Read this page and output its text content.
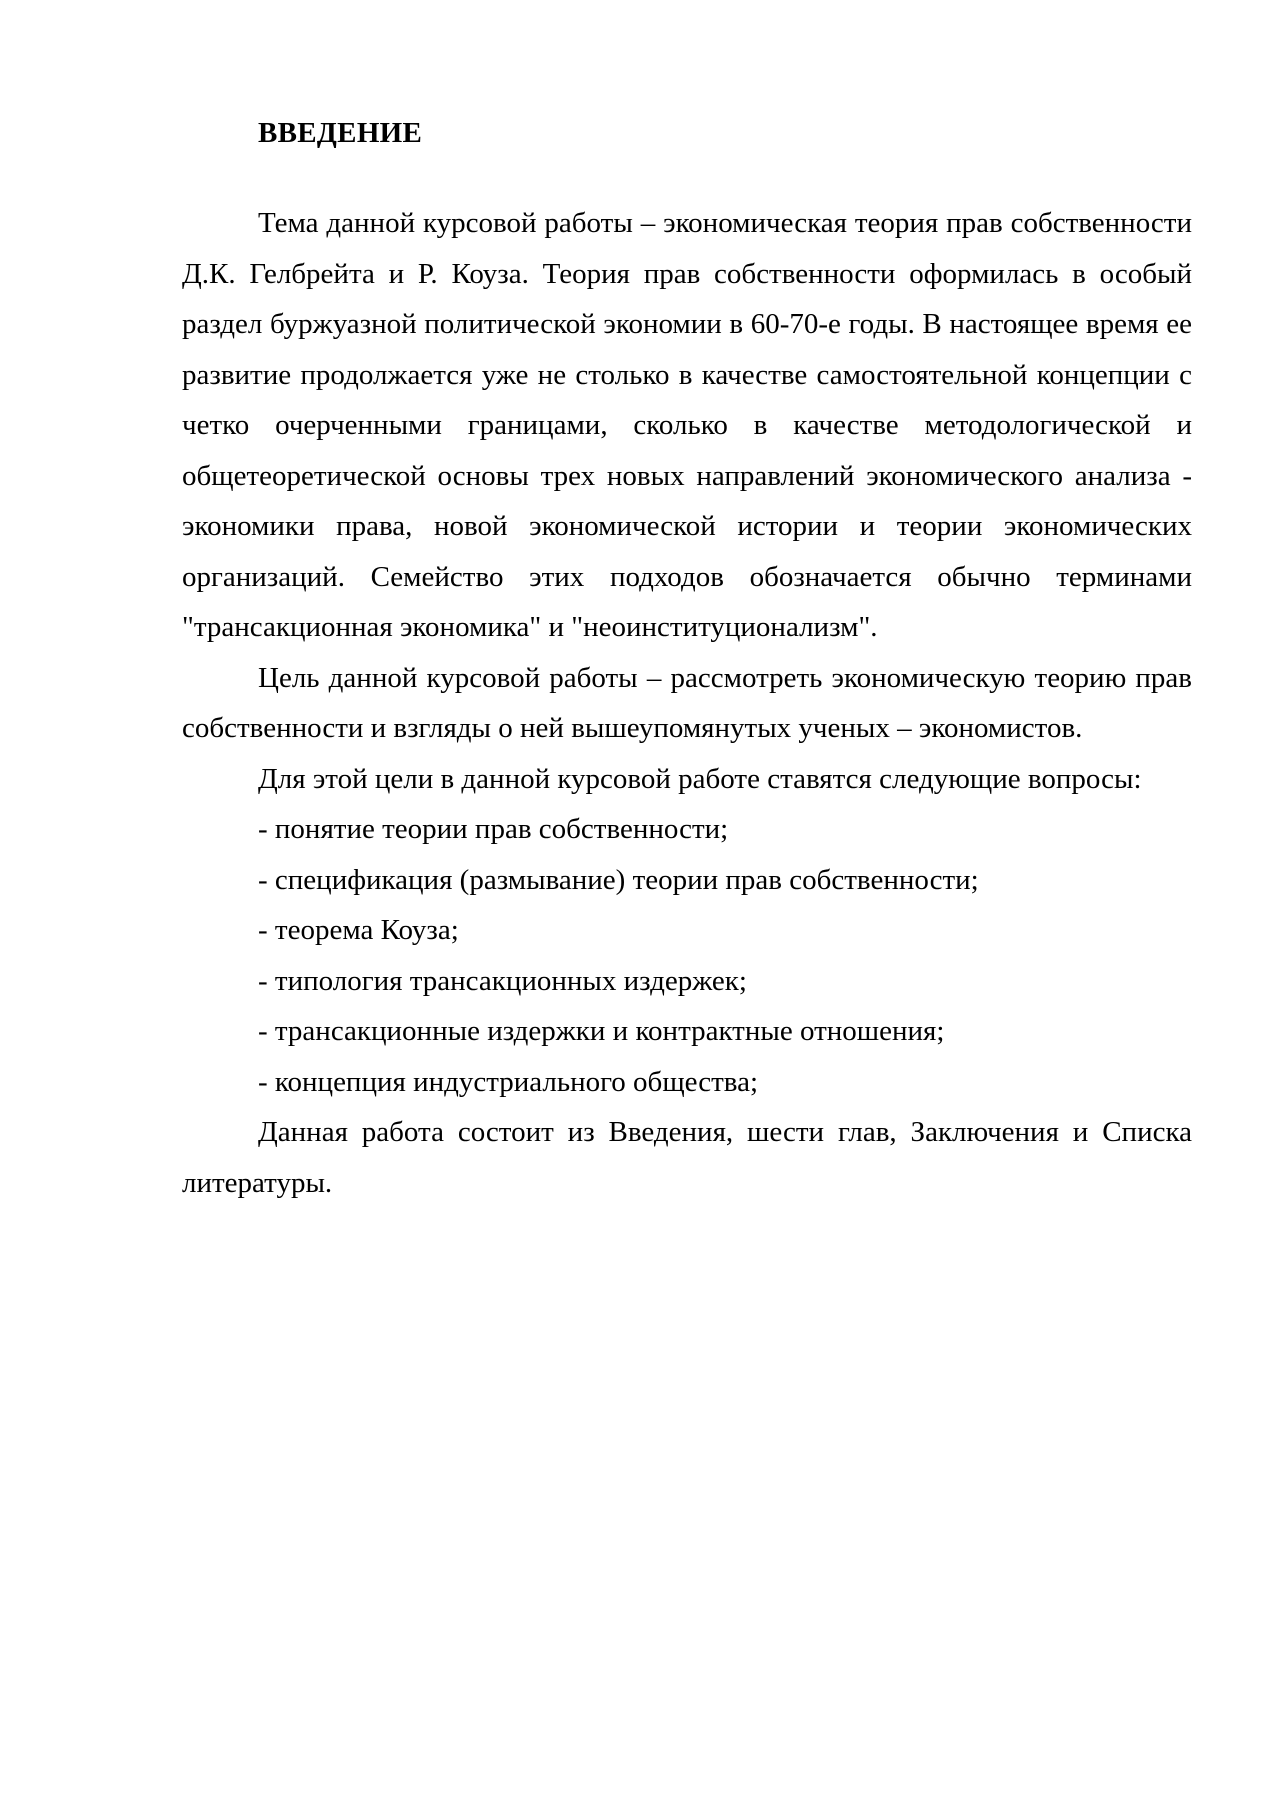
ВВЕДЕНИЕ

Тема данной курсовой работы – экономическая теория прав собственности Д.К. Гелбрейта и Р. Коуза. Теория прав собственности оформилась в особый раздел буржуазной политической экономии в 60-70-е годы. В настоящее время ее развитие продолжается уже не столько в качестве самостоятельной концепции с четко очерченными границами, сколько в качестве методологической и общетеоретической основы трех новых направлений экономического анализа - экономики права, новой экономической истории и теории экономических организаций. Семейство этих подходов обозначается обычно терминами "трансакционная экономика" и "неоинституционализм".

Цель данной курсовой работы – рассмотреть экономическую теорию прав собственности и взгляды о ней вышеупомянутых ученых – экономистов.

Для этой цели в данной курсовой работе ставятся следующие вопросы:

- понятие теории прав собственности;

- спецификация (размывание) теории прав собственности;

- теорема Коуза;

- типология трансакционных издержек;

- трансакционные издержки и контрактные отношения;

- концепция индустриального общества;

Данная работа состоит из Введения, шести глав, Заключения и Списка литературы.
